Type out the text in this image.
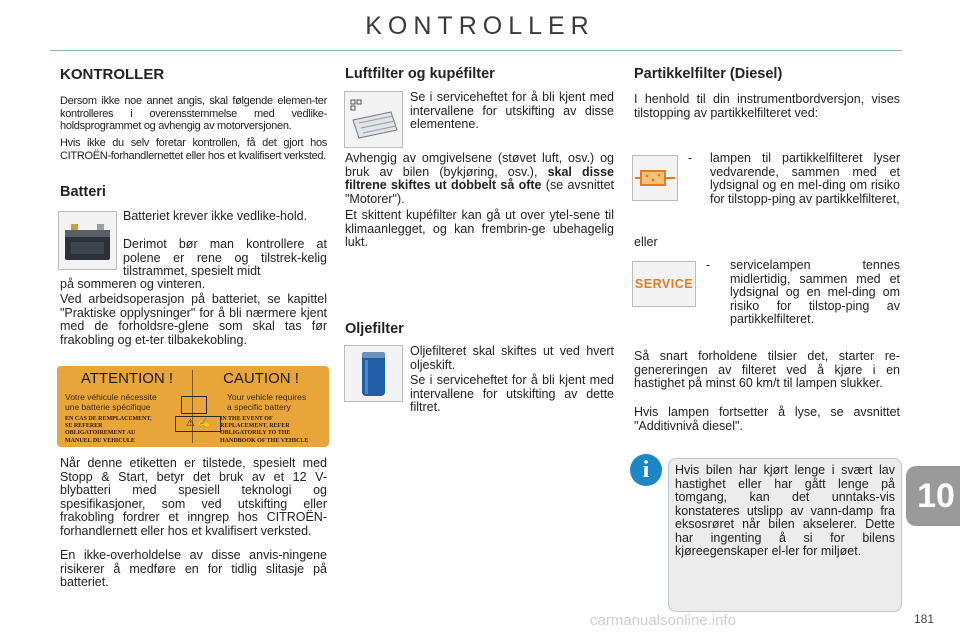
KONTROLLER
KONTROLLER

Dersom ikke noe annet angis, skal følgende elemen-ter kontrolleres i overensstemmelse med vedlike-holdsprogrammet og avhengig av motorversjonen.

Hvis ikke du selv foretar kontrollen, få det gjort hos CITROËN-forhandlernettet eller hos et kvalifisert verksted.

Batteri

Batteriet krever ikke vedlike-hold.

Derimot bør man kontrollere at polene er rene og tilstrek-kelig tilstrammet, spesielt midt

på sommeren og vinteren.

Ved arbeidsoperasjon på batteriet, se kapittel "Praktiske opplysninger" for å bli nærmere kjent med de forholdsre-glene som skal tas før frakobling og et-ter tilbakekobling.

ATTENTION !	CAUTION !
Votre véhicule nécessite
une batterie spécifique
Your vehicle requires
a specific battery
⚠ ✍
EN CAS DE REMPLACEMENT,
SE REFERER
OBLIGATOIREMENT AU
MANUEL DU VEHICULE
IN THE EVENT OF
REPLACEMENT, REFER
OBLIGATORILY TO THE
HANDBOOK OF THE VEHICLE

Når denne etiketten er tilstede, spesielt med Stopp & Start, betyr det bruk av et 12 V-blybatteri med spesiell teknologi og spesifikasjoner, som ved utskifting eller frakobling fordrer et inngrep hos CITROËN-forhandlernett eller hos et kvalifisert verksted.

En ikke-overholdelse av disse anvis-ningene risikerer å medføre en for tidlig slitasje på batteriet.

Luftfilter og kupéfilter

Se i serviceheftet for å bli kjent med intervallene for utskifting av disse elementene.

Avhengig av omgivelsene (støvet luft, osv.) og bruk av bilen (bykjøring, osv.), skal disse filtrene skiftes ut dobbelt så ofte (se avsnittet "Motorer").

Et skittent kupéfilter kan gå ut over ytel-sene til klimaanlegget, og kan frembrin-ge ubehagelig lukt.

Oljefilter

Oljefilteret skal skiftes ut ved hvert oljeskift.

Se i serviceheftet for å bli kjent med intervallene for utskifting av dette filtret.

Partikkelfilter (Diesel)

I henhold til din instrumentbordversjon, vises tilstopping av partikkelfilteret ved:

- lampen til partikkelfilteret lyser vedvarende, sammen med et lydsignal og en mel-ding om risiko for tilstopp-ping av partikkelfilteret,

eller
SERVICE
- servicelampen tennes midlertidig, sammen med et lydsignal og en mel-ding om risiko for tilstop-ping av partikkelfilteret.

Så snart forholdene tilsier det, starter re-genereringen av filteret ved å kjøre i en hastighet på minst 60 km/t til lampen slukker.

Hvis lampen fortsetter å lyse, se avsnittet "Additivnivå diesel".

i	Hvis bilen har kjørt lenge i svært lav hastighet eller har gått lenge på tomgang, kan det unntaks-vis konstateres utslipp av vann-damp fra eksosrøret når bilen akselerer. Dette har ingenting å si for bilens kjøreegenskaper el-ler for miljøet.

10
carmanualsonline.info	181
